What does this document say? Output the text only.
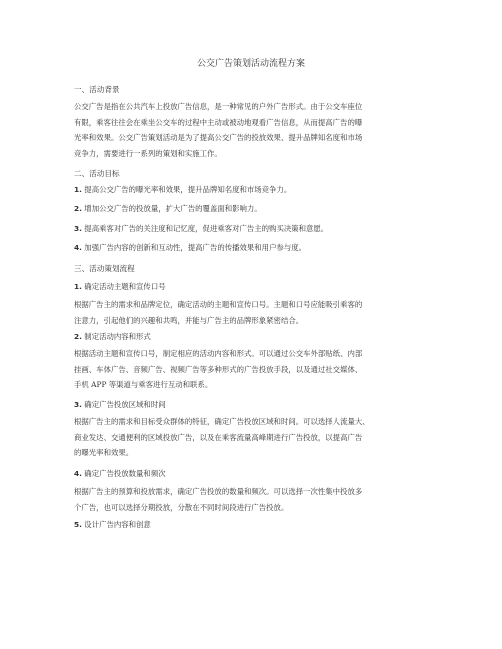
公交广告策划活动流程方案
一、活动背景
公交广告是指在公共汽车上投放广告信息，是一种常见的户外广告形式。由于公交车座位
有限，乘客往往会在乘坐公交车的过程中主动或被动地观看广告信息，从而提高广告的曝
光率和效果。公交广告策划活动是为了提高公交广告的投放效果、提升品牌知名度和市场
竞争力，需要进行一系列的策划和实施工作。
二、活动目标
1. 提高公交广告的曝光率和效果，提升品牌知名度和市场竞争力。
2. 增加公交广告的投放量，扩大广告的覆盖面和影响力。
3. 提高乘客对广告的关注度和记忆度，促进乘客对广告主的购买决策和意愿。
4. 加强广告内容的创新和互动性，提高广告的传播效果和用户参与度。
三、活动策划流程
1. 确定活动主题和宣传口号
根据广告主的需求和品牌定位，确定活动的主题和宣传口号。主题和口号应能吸引乘客的
注意力，引起他们的兴趣和共鸣，并能与广告主的品牌形象紧密结合。
2. 制定活动内容和形式
根据活动主题和宣传口号，制定相应的活动内容和形式。可以通过公交车外部贴纸、内部
挂画、车体广告、音频广告、视频广告等多种形式的广告投放手段，以及通过社交媒体、
手机 APP 等渠道与乘客进行互动和联系。
3. 确定广告投放区域和时间
根据广告主的需求和目标受众群体的特征，确定广告投放区域和时间。可以选择人流量大、
商业发达、交通便利的区域投放广告，以及在乘客流量高峰期进行广告投放，以提高广告
的曝光率和效果。
4. 确定广告投放数量和频次
根据广告主的预算和投放需求，确定广告投放的数量和频次。可以选择一次性集中投放多
个广告，也可以选择分期投放，分散在不同时间段进行广告投放。
5. 设计广告内容和创意
